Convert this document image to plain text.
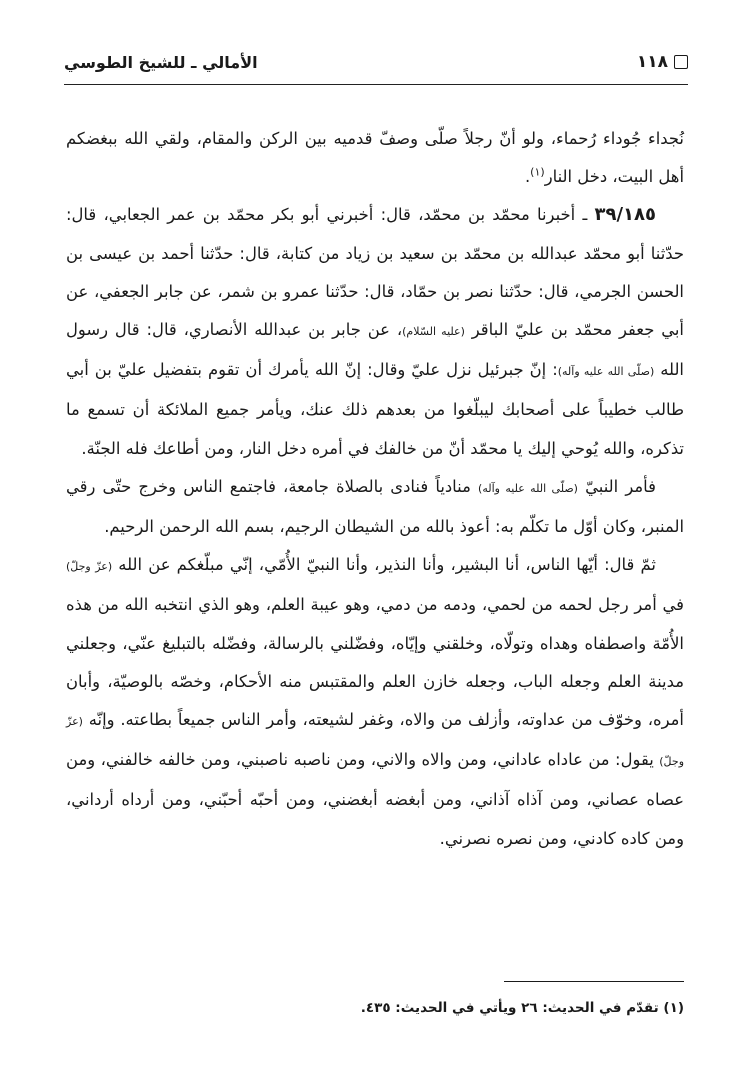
١١٨
الأمالي ـ للشيخ الطوسي

نُجداء جُوداء رُحماء، ولو أنّ رجلاً صلّى وصفّ قدميه بين الركن والمقام، ولقي الله ببغضكم أهل البيت، دخل النار$^{(١)}$.

٣٩/١٨٥ ـ أخبرنا محمّد بن محمّد، قال: أخبرني أبو بكر محمّد بن عمر الجعابي، قال: حدّثنا أبو محمّد عبدالله بن محمّد بن سعيد بن زياد من كتابة، قال: حدّثنا أحمد بن عيسى بن الحسن الجرمي، قال: حدّثنا نصر بن حمّاد، قال: حدّثنا عمرو بن شمر، عن جابر الجعفي، عن أبي جعفر محمّد بن عليّ الباقر (عليه السّلام)، عن جابر بن عبدالله الأنصاري، قال: قال رسول الله (صلّى الله عليه وآله): إنّ جبرئيل نزل عليّ وقال: إنّ الله يأمرك أن تقوم بتفضيل عليّ بن أبي طالب خطيباً على أصحابك ليبلّغوا من بعدهم ذلك عنك، ويأمر جميع الملائكة أن تسمع ما تذكره، والله يُوحي إليك يا محمّد أنّ من خالفك في أمره دخل النار، ومن أطاعك فله الجنّة.

فأمر النبيّ (صلّى الله عليه وآله) منادياً فنادى بالصلاة جامعة، فاجتمع الناس وخرج حتّى رقي المنبر، وكان أوّل ما تكلّم به: أعوذ بالله من الشيطان الرجيم، بسم الله الرحمن الرحيم.

ثمّ قال: أيّها الناس، أنا البشير، وأنا النذير، وأنا النبيّ الأُمّي، إنّي مبلّغكم عن الله (عزّ وجلّ) في أمر رجل لحمه من لحمي، ودمه من دمي، وهو عيبة العلم، وهو الذي انتخبه الله من هذه الأُمّة واصطفاه وهداه وتولّاه، وخلقني وإيّاه، وفضّلني بالرسالة، وفضّله بالتبليغ عنّي، وجعلني مدينة العلم وجعله الباب، وجعله خازن العلم والمقتبس منه الأحكام، وخصّه بالوصيّة، وأبان أمره، وخوّف من عداوته، وأزلف من والاه، وغفر لشيعته، وأمر الناس جميعاً بطاعته. وإنّه (عزّ وجلّ) يقول: من عاداه عاداني، ومن والاه والاني، ومن ناصبه ناصبني، ومن خالفه خالفني، ومن عصاه عصاني، ومن آذاه آذاني، ومن أبغضه أبغضني، ومن أحبّه أحبّني، ومن أرداه أرداني، ومن كاده كادني، ومن نصره نصرني.

(١) تقدّم في الحديث: ٢٦ ويأتي في الحديث: ٤٣٥.
